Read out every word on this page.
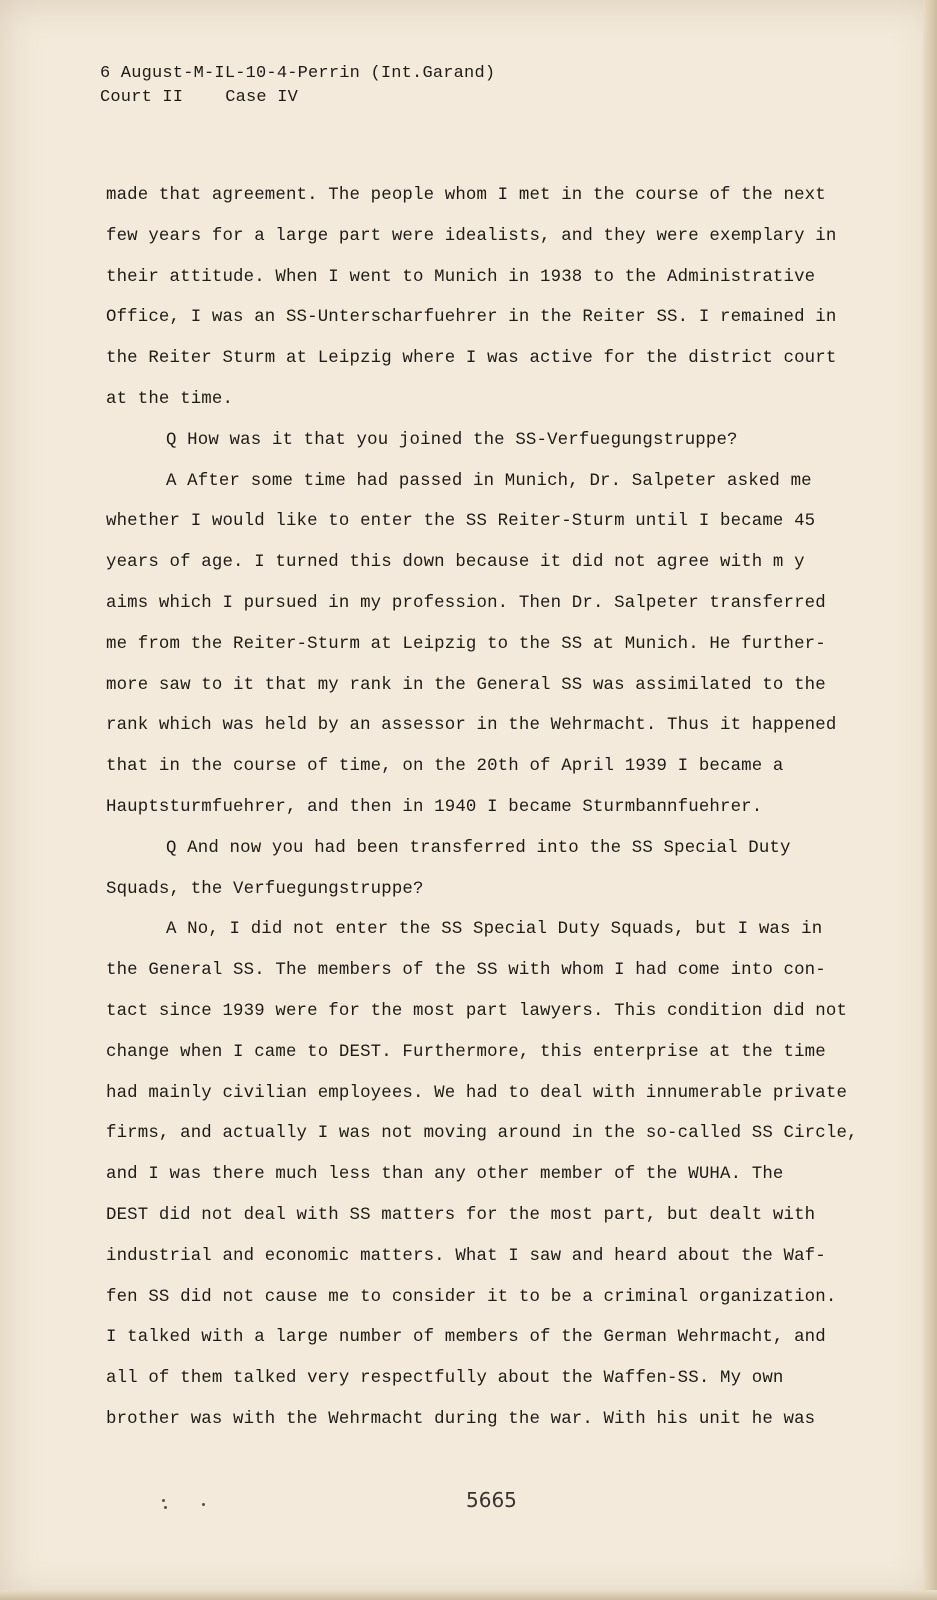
6 August-M-IL-10-4-Perrin (Int.Garand)
Court II Case IV
made that agreement. The people whom I met in the course of the next
few years for a large part were idealists, and they were exemplary in
their attitude. When I went to Munich in 1938 to the Administrative
Office, I was an SS-Unterscharfuehrer in the Reiter SS. I remained in
the Reiter Sturm at Leipzig where I was active for the district court
at the time.
Q How was it that you joined the SS-Verfuegungstruppe?
A After some time had passed in Munich, Dr. Salpeter asked me
whether I would like to enter the SS Reiter-Sturm until I became 45
years of age. I turned this down because it did not agree with m y
aims which I pursued in my profession. Then Dr. Salpeter transferred
me from the Reiter-Sturm at Leipzig to the SS at Munich. He further-
more saw to it that my rank in the General SS was assimilated to the
rank which was held by an assessor in the Wehrmacht. Thus it happened
that in the course of time, on the 20th of April 1939 I became a
Hauptsturmfuehrer, and then in 1940 I became Sturmbannfuehrer.
Q And now you had been transferred into the SS Special Duty
Squads, the Verfuegungstruppe?
A No, I did not enter the SS Special Duty Squads, but I was in
the General SS. The members of the SS with whom I had come into con-
tact since 1939 were for the most part lawyers. This condition did not
change when I came to DEST. Furthermore, this enterprise at the time
had mainly civilian employees. We had to deal with innumerable private
firms, and actually I was not moving around in the so-called SS Circle,
and I was there much less than any other member of the WUHA. The
DEST did not deal with SS matters for the most part, but dealt with
industrial and economic matters. What I saw and heard about the Waf-
fen SS did not cause me to consider it to be a criminal organization.
I talked with a large number of members of the German Wehrmacht, and
all of them talked very respectfully about the Waffen-SS. My own
brother was with the Wehrmacht during the war. With his unit he was
5665
